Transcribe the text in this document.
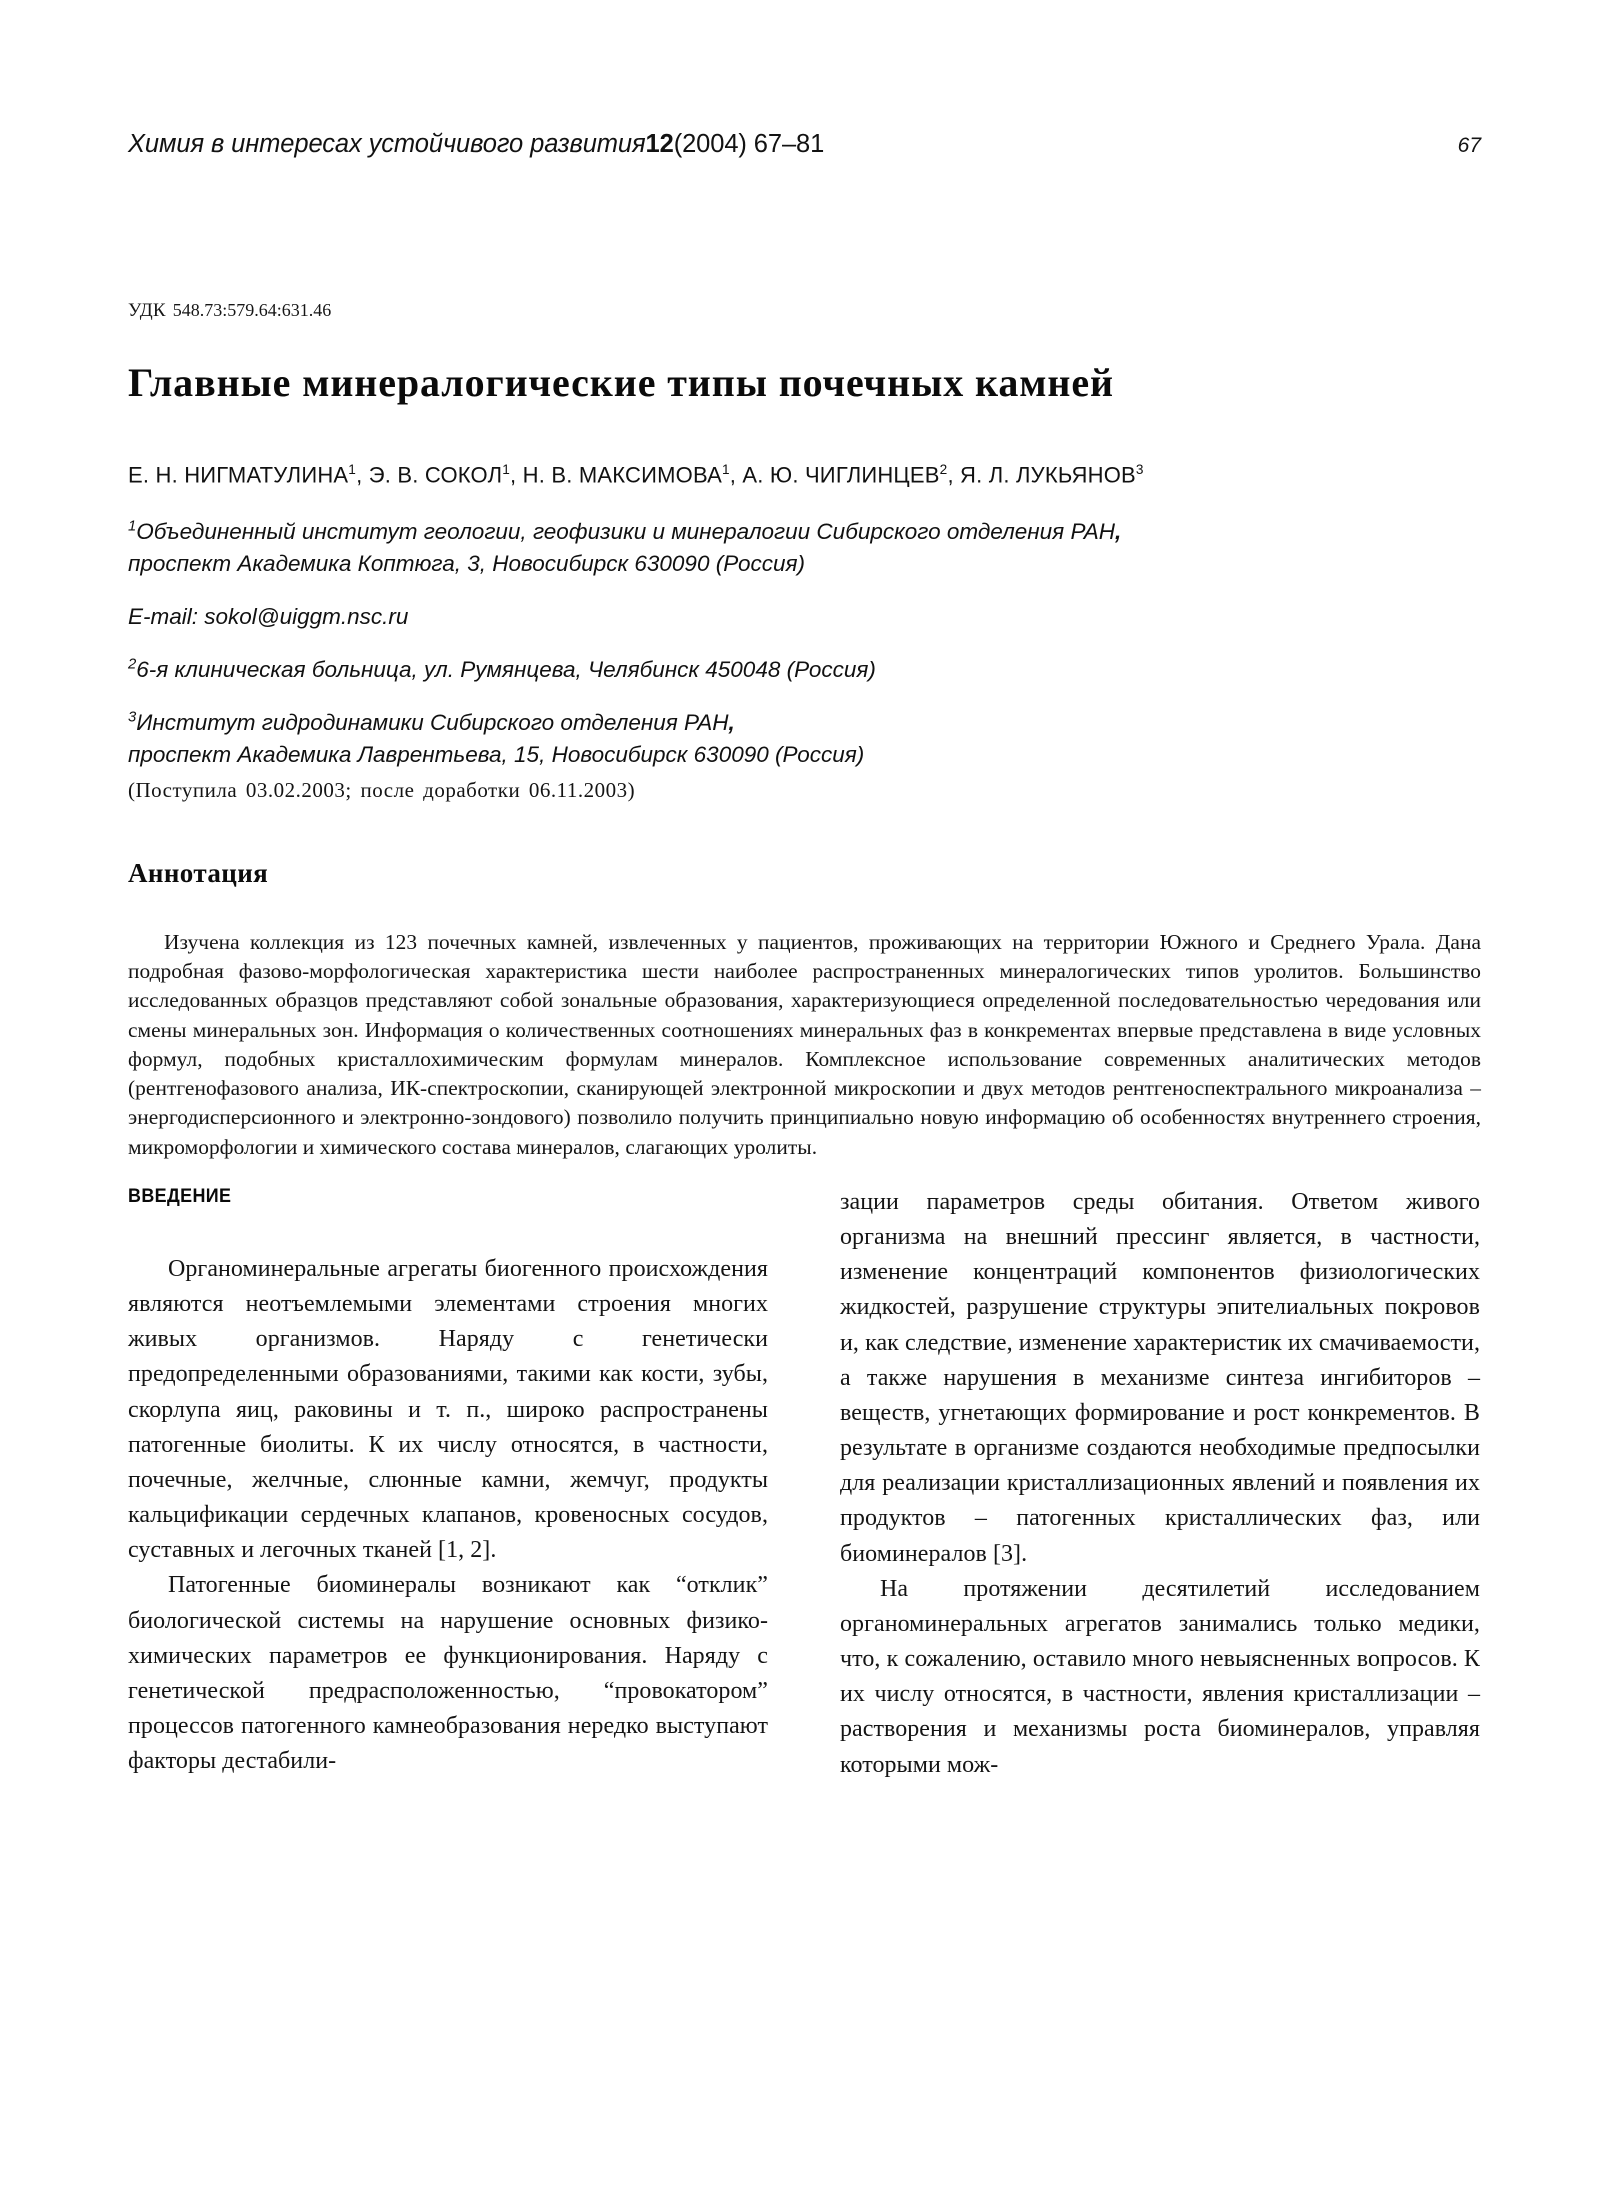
Химия в интересах устойчивого развития12(2004) 67–81	67
УДК 548.73:579.64:631.46
Главные минералогические типы почечных камней
Е. Н. НИГМАТУЛИНА$^1$, Э. В. СОКОЛ$^1$, Н. В. МАКСИМОВА$^1$, А. Ю. ЧИГЛИНЦЕВ$^2$, Я. Л. ЛУКЬЯНОВ$^3$
$^1$Объединенный институт геологии, геофизики и минералогии Сибирского отделения РАН,
проспект Академика Коптюга, 3, Новосибирск 630090 (Россия)
E-mail: sokol@uiggm.nsc.ru
$^2$6-я клиническая больница, ул. Румянцева, Челябинск 450048 (Россия)
$^3$Институт гидродинамики Сибирского отделения РАН,
проспект Академика Лаврентьева, 15, Новосибирск 630090 (Россия)
(Поступила 03.02.2003; после доработки 06.11.2003)
Аннотация
Изучена коллекция из 123 почечных камней, извлеченных у пациентов, проживающих на территории Южного и Среднего Урала. Дана подробная фазово-морфологическая характеристика шести наиболее распространенных минералогических типов уролитов. Большинство исследованных образцов представляют собой зональные образования, характеризующиеся определенной последовательностью чередования или смены минеральных зон. Информация о количественных соотношениях минеральных фаз в конкрементах впервые представлена в виде условных формул, подобных кристаллохимическим формулам минералов. Комплексное использование современных аналитических методов (рентгенофазового анализа, ИК-спектроскопии, сканирующей электронной микроскопии и двух методов рентгеноспектрального микроанализа – энергодисперсионного и электронно-зондового) позволило получить принципиально новую информацию об особенностях внутреннего строения, микроморфологии и химического состава минералов, слагающих уролиты.
ВВЕДЕНИЕ

Органоминеральные агрегаты биогенного происхождения являются неотъемлемыми элементами строения многих живых организмов. Наряду с генетически предопределенными образованиями, такими как кости, зубы, скорлупа яиц, раковины и т. п., широко распространены патогенные биолиты. К их числу относятся, в частности, почечные, желчные, слюнные камни, жемчуг, продукты кальцификации сердечных клапанов, кровеносных сосудов, суставных и легочных тканей [1, 2].

Патогенные биоминералы возникают как “отклик” биологической системы на нарушение основных физико-химических параметров ее функционирования. Наряду с генетической предрасположенностью, “провокатором” процессов патогенного камнеобразования нередко выступают факторы дестабили-

зации параметров среды обитания. Ответом живого организма на внешний прессинг является, в частности, изменение концентраций компонентов физиологических жидкостей, разрушение структуры эпителиальных покровов и, как следствие, изменение характеристик их смачиваемости, а также нарушения в механизме синтеза ингибиторов – веществ, угнетающих формирование и рост конкрементов. В результате в организме создаются необходимые предпосылки для реализации кристаллизационных явлений и появления их продуктов – патогенных кристаллических фаз, или биоминералов [3].

На протяжении десятилетий исследованием органоминеральных агрегатов занимались только медики, что, к сожалению, оставило много невыясненных вопросов. К их числу относятся, в частности, явления кристаллизации – растворения и механизмы роста биоминералов, управляя которыми мож-
